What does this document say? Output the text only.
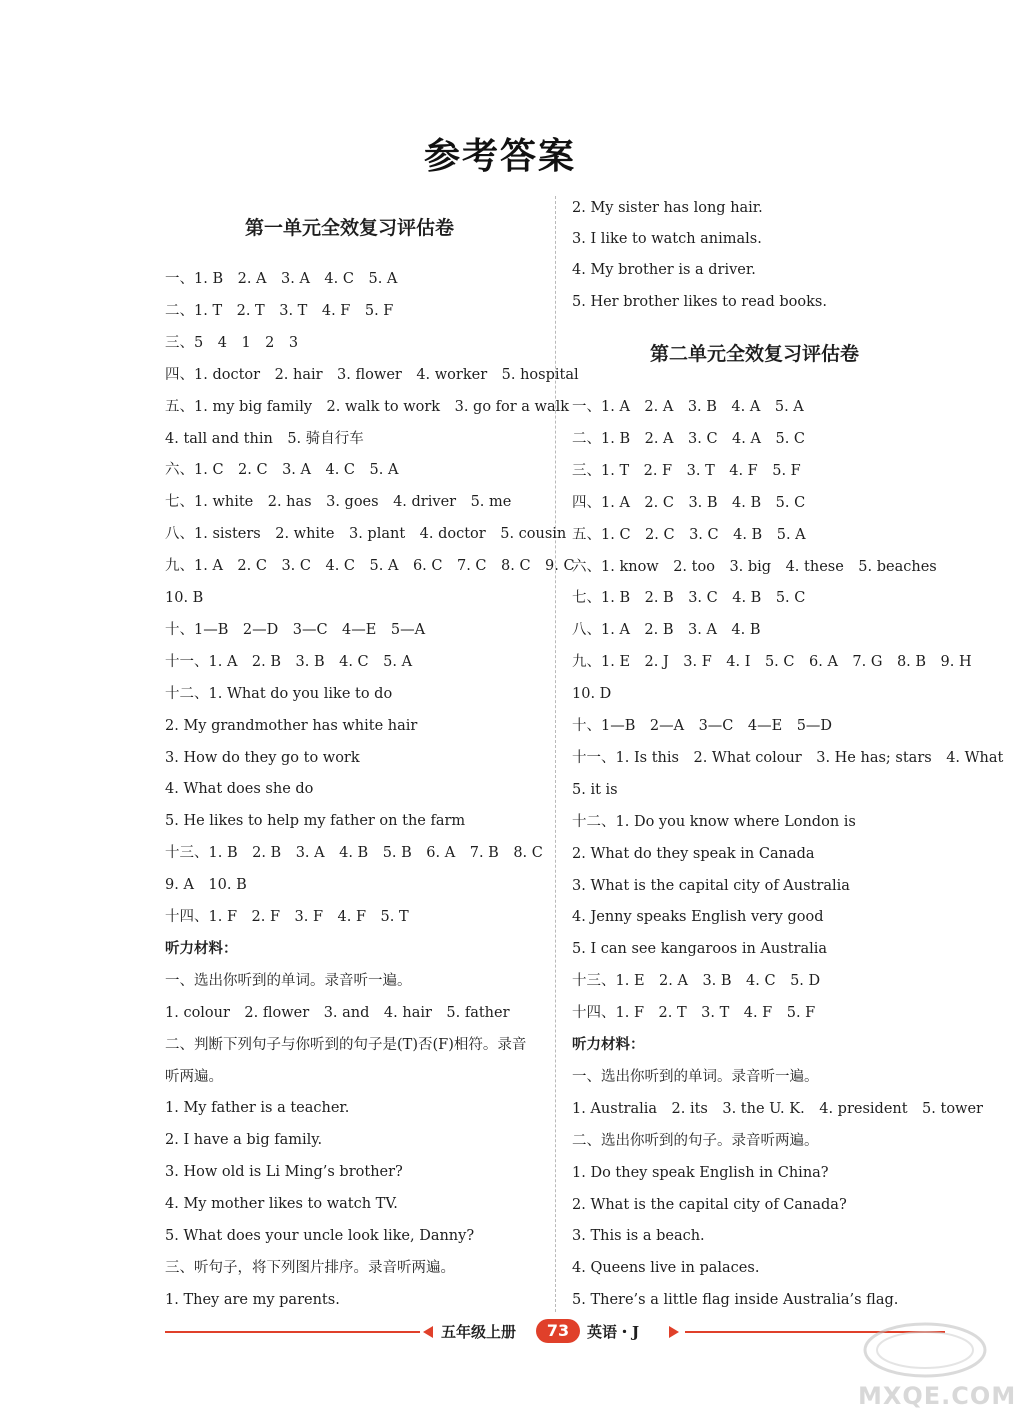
参考答案
第一单元全效复习评估卷
一、1. B　2. A　3. A　4. C　5. A
二、1. T　2. T　3. T　4. F　5. F
三、5　4　1　2　3
四、1. doctor　2. hair　3. flower　4. worker　5. hospital
五、1. my big family　2. walk to work　3. go for a walk
4. tall and thin　5. 骑自行车
六、1. C　2. C　3. A　4. C　5. A
七、1. white　2. has　3. goes　4. driver　5. me
八、1. sisters　2. white　3. plant　4. doctor　5. cousin
九、1. A　2. C　3. C　4. C　5. A　6. C　7. C　8. C　9. C
10. B
十、1—B　2—D　3—C　4—E　5—A
十一、1. A　2. B　3. B　4. C　5. A
十二、1. What do you like to do
2. My grandmother has white hair
3. How do they go to work
4. What does she do
5. He likes to help my father on the farm
十三、1. B　2. B　3. A　4. B　5. B　6. A　7. B　8. C
9. A　10. B
十四、1. F　2. F　3. F　4. F　5. T
听力材料：
一、选出你听到的单词。录音听一遍。
1. colour　2. flower　3. and　4. hair　5. father
二、判断下列句子与你听到的句子是(T)否(F)相符。录音
听两遍。
1. My father is a teacher.
2. I have a big family.
3. How old is Li Ming’s brother?
4. My mother likes to watch TV.
5. What does your uncle look like, Danny?
三、听句子，将下列图片排序。录音听两遍。
1. They are my parents.
2. My sister has long hair.
3. I like to watch animals.
4. My brother is a driver.
5. Her brother likes to read books.
第二单元全效复习评估卷
一、1. A　2. A　3. B　4. A　5. A
二、1. B　2. A　3. C　4. A　5. C
三、1. T　2. F　3. T　4. F　5. F
四、1. A　2. C　3. B　4. B　5. C
五、1. C　2. C　3. C　4. B　5. A
六、1. know　2. too　3. big　4. these　5. beaches
七、1. B　2. B　3. C　4. B　5. C
八、1. A　2. B　3. A　4. B
九、1. E　2. J　3. F　4. I　5. C　6. A　7. G　8. B　9. H
10. D
十、1—B　2—A　3—C　4—E　5—D
十一、1. Is this　2. What colour　3. He has; stars　4. What
5. it is
十二、1. Do you know where London is
2. What do they speak in Canada
3. What is the capital city of Australia
4. Jenny speaks English very good
5. I can see kangaroos in Australia
十三、1. E　2. A　3. B　4. C　5. D
十四、1. F　2. T　3. T　4. F　5. F
听力材料：
一、选出你听到的单词。录音听一遍。
1. Australia　2. its　3. the U. K.　4. president　5. tower
二、选出你听到的句子。录音听两遍。
1. Do they speak English in China?
2. What is the capital city of Canada?
3. This is a beach.
4. Queens live in palaces.
5. There’s a little flag inside Australia’s flag.
五年级上册	73	英语・J
MXQE.COM
